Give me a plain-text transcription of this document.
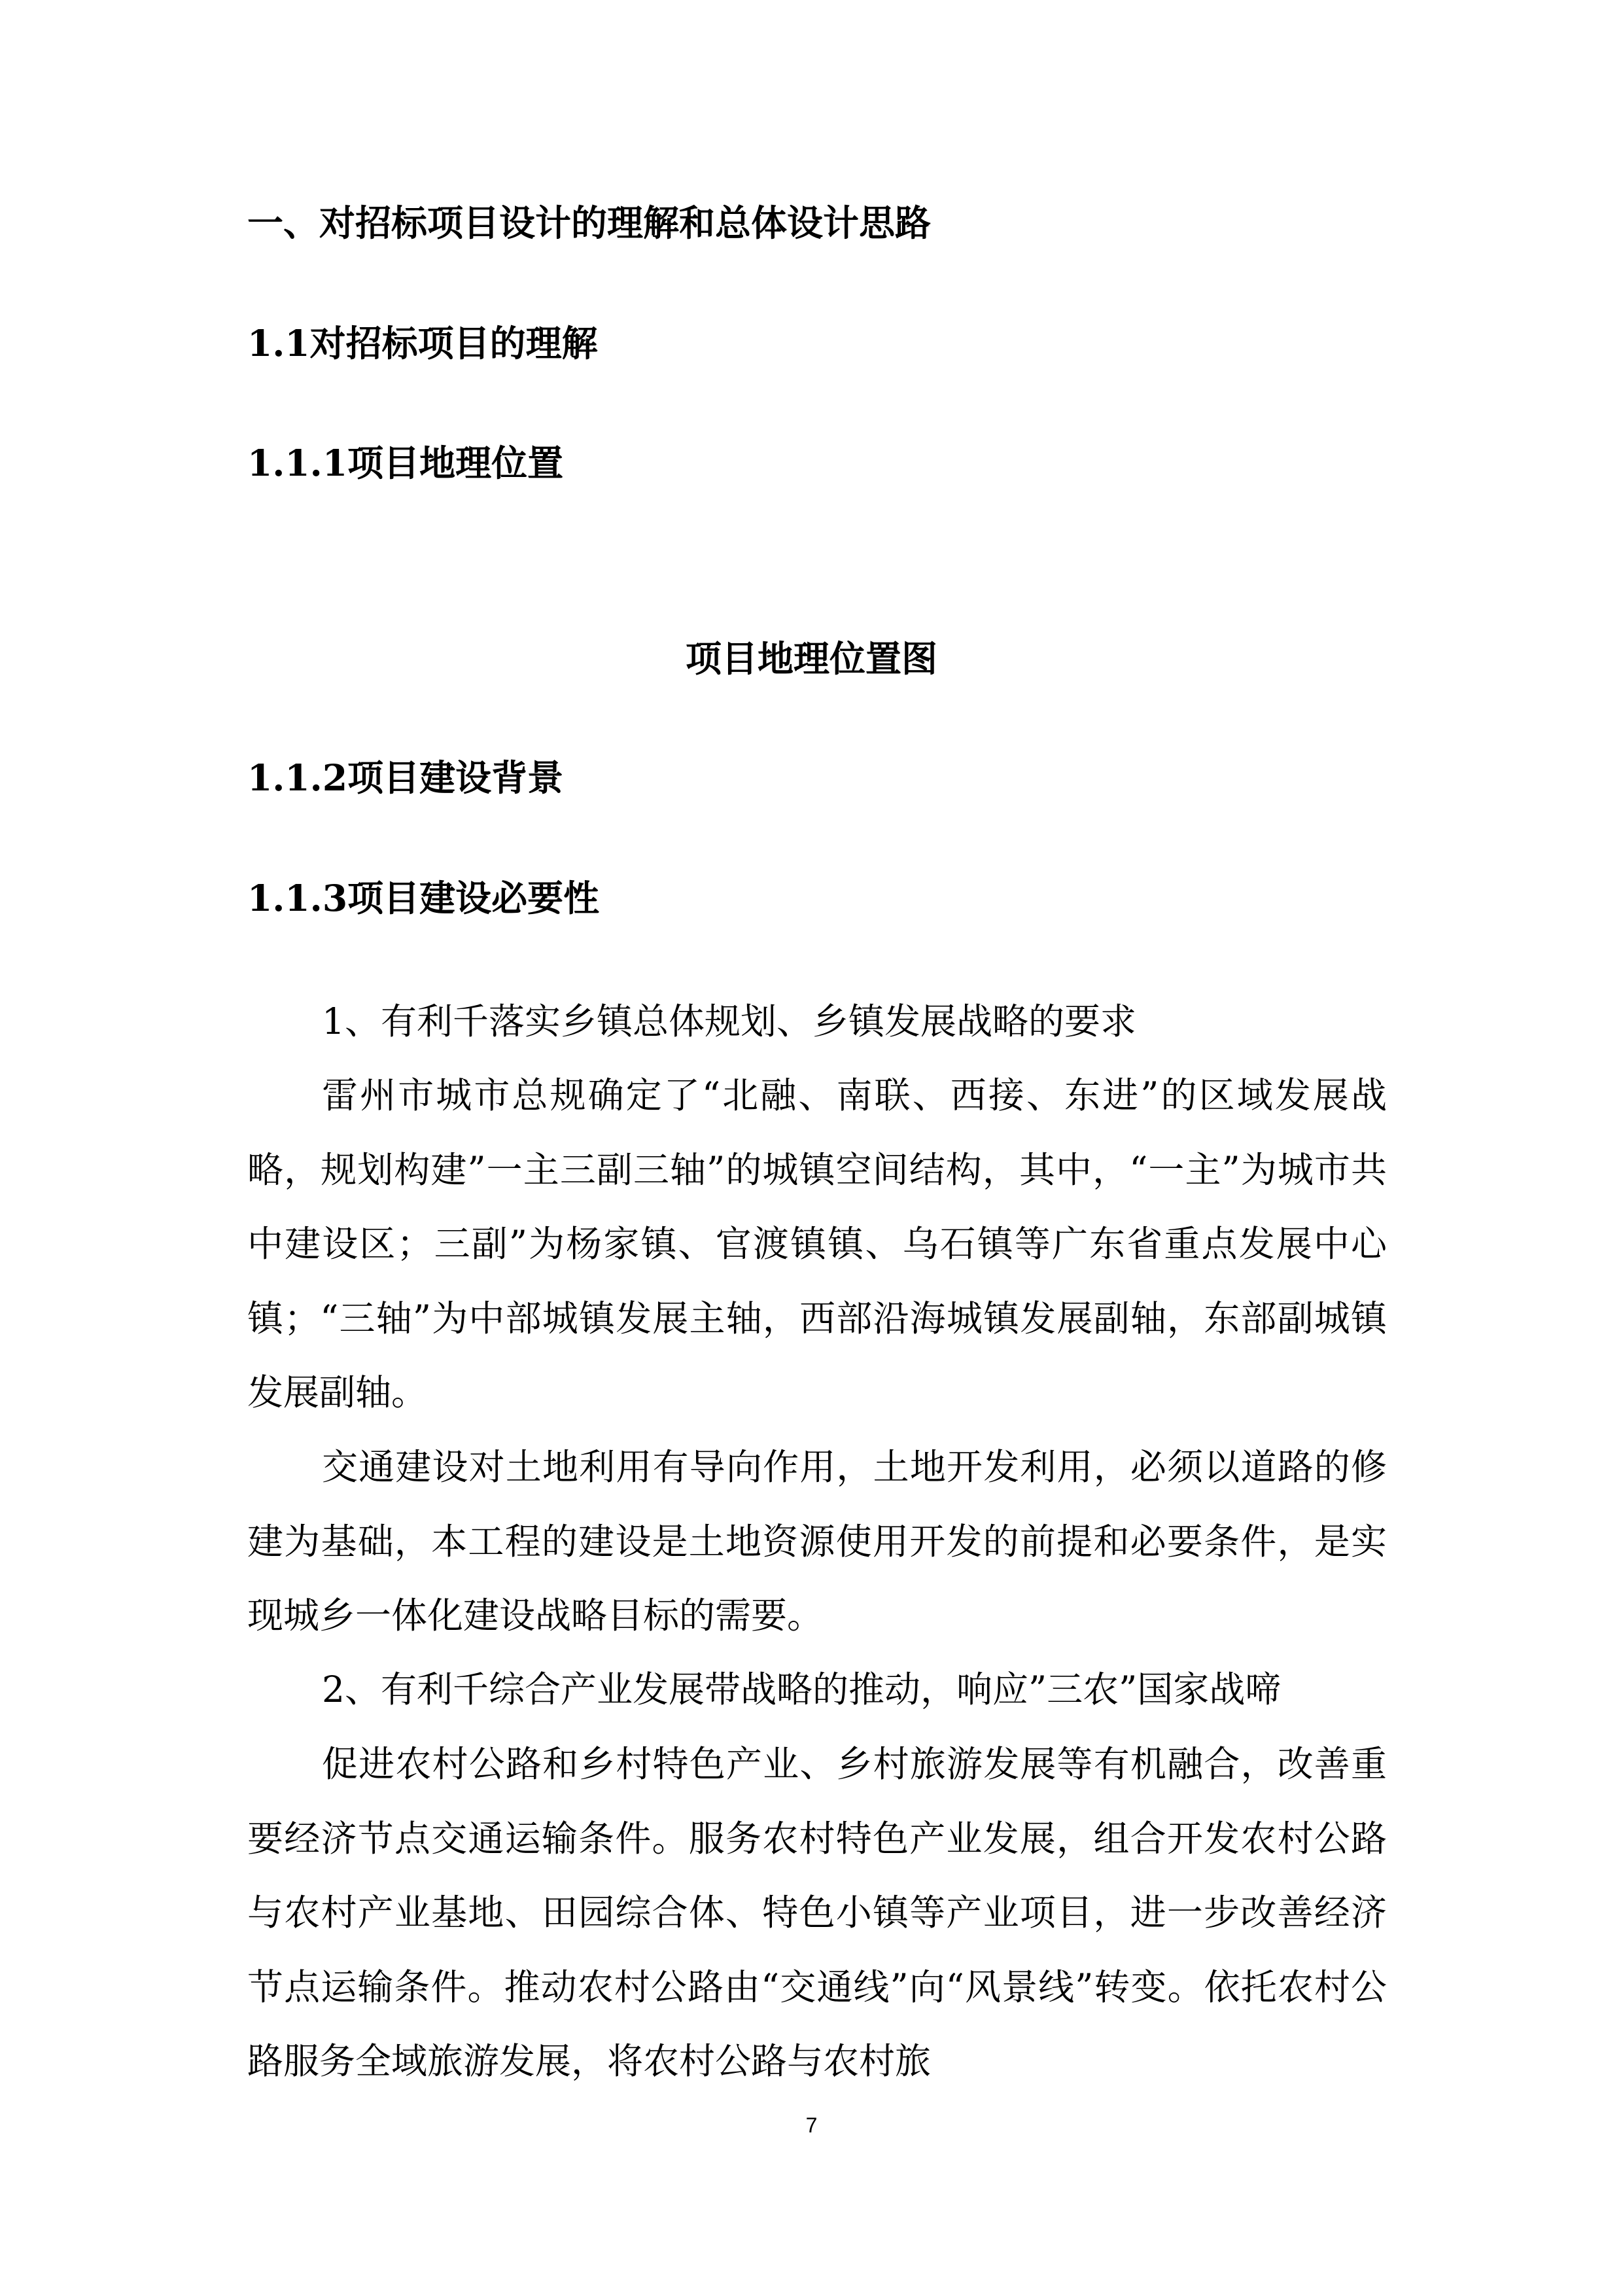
一、对招标项目设计的理解和总体设计思路
1.1对招标项目的理解
1.1.1项目地理位置
项目地理位置图
1.1.2项目建设背景
1.1.3项目建设必要性

1、有利千落实乡镇总体规划、乡镇发展战略的要求

雷州市城市总规确定了“北融、南联、西接、东进”的区域发展战略，规划构建”一主三副三轴”的城镇空间结构，其中，“一主”为城市共中建设区；三副”为杨家镇、官渡镇镇、乌石镇等广东省重点发展中心镇；“三轴”为中部城镇发展主轴，西部沿海城镇发展副轴，东部副城镇发展副轴。

交通建设对土地利用有导向作用，土地开发利用，必须以道路的修建为基础，本工程的建设是土地资源使用开发的前提和必要条件，是实现城乡一体化建设战略目标的需要。

2、有利千综合产业发展带战略的推动，响应”三农”国家战啼

促进农村公路和乡村特色产业、乡村旅游发展等有机融合，改善重要经济节点交通运输条件。服务农村特色产业发展，组合开发农村公路与农村产业基地、田园综合体、特色小镇等产业项目，进一步改善经济节点运输条件。推动农村公路由“交通线”向“风景线”转变。依托农村公路服务全域旅游发展，将农村公路与农村旅

7
